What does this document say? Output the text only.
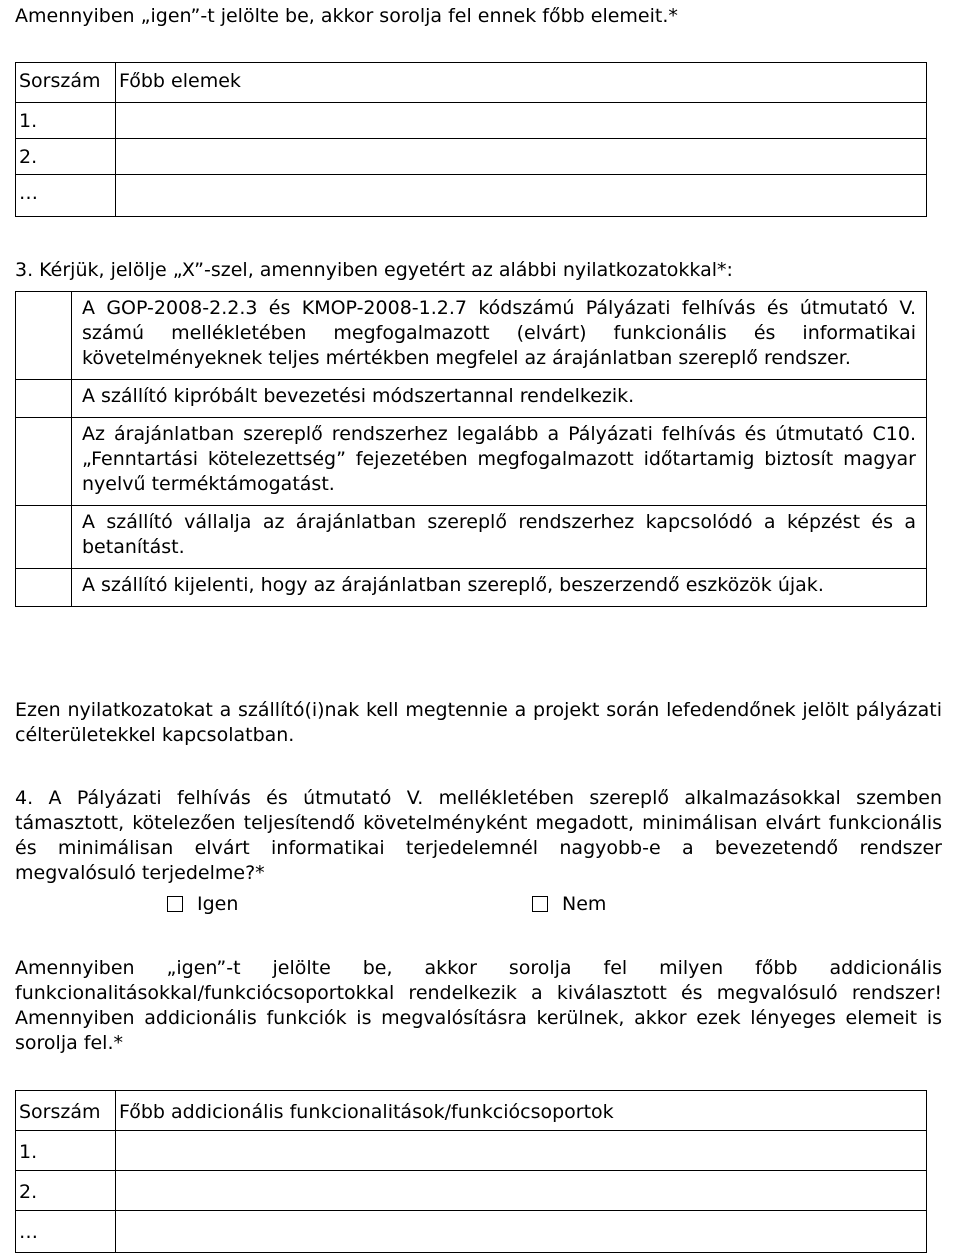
Amennyiben „igen”-t jelölte be, akkor sorolja fel ennek főbb elemeit.*
Sorszám	Főbb elemek
1.	
2.	
…	
3. Kérjük, jelölje „X”-szel, amennyiben egyetért az alábbi nyilatkozatokkal*:
	A GOP-2008-2.2.3 és KMOP-2008-1.2.7 kódszámú Pályázati felhívás és útmutató V. számú mellékletében megfogalmazott (elvárt) funkcionális és informatikai követelményeknek teljes mértékben megfelel az árajánlatban szereplő rendszer.
	A szállító kipróbált bevezetési módszertannal rendelkezik.
	Az árajánlatban szereplő rendszerhez legalább a Pályázati felhívás és útmutató C10. „Fenntartási kötelezettség” fejezetében megfogalmazott időtartamig biztosít magyar nyelvű terméktámogatást.
	A szállító vállalja az árajánlatban szereplő rendszerhez kapcsolódó a képzést és a betanítást.
	A szállító kijelenti, hogy az árajánlatban szereplő, beszerzendő eszközök újak.
Ezen nyilatkozatokat a szállító(i)nak kell megtennie a projekt során lefedendőnek jelölt pályázati célterületekkel kapcsolatban.
4. A Pályázati felhívás és útmutató V. mellékletében szereplő alkalmazásokkal szemben támasztott, kötelezően teljesítendő követelményként megadott, minimálisan elvárt funkcionális és minimálisan elvárt informatikai terjedelemnél nagyobb-e a bevezetendő rendszer megvalósuló terjedelme?*
Igen	Nem
Amennyiben „igen”-t jelölte be, akkor sorolja fel milyen főbb addicionális funkcionalitásokkal/funkciócsoportokkal rendelkezik a kiválasztott és megvalósuló rendszer! Amennyiben addicionális funkciók is megvalósításra kerülnek, akkor ezek lényeges elemeit is sorolja fel.*
Sorszám	Főbb addicionális funkcionalitások/funkciócsoportok
1.	
2.	
…	
